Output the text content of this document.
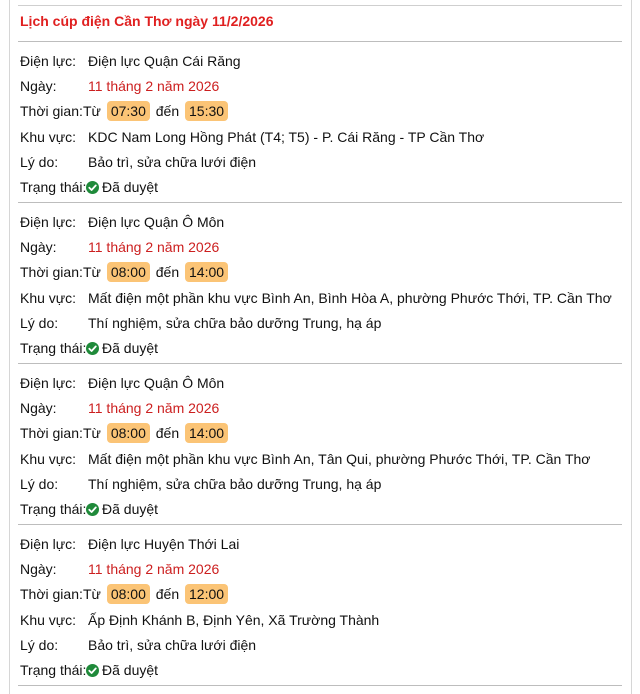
Lịch cúp điện Cần Thơ ngày 11/2/2026
Điện lực: Điện lực Quận Cái Răng
Ngày: 11 tháng 2 năm 2026
Thời gian: Từ 07:30 đến 15:30
Khu vực: KDC Nam Long Hồng Phát (T4; T5) - P. Cái Răng - TP Cần Thơ
Lý do: Bảo trì, sửa chữa lưới điện
Trạng thái:	Đã duyệt
Điện lực: Điện lực Quận Ô Môn
Ngày: 11 tháng 2 năm 2026
Thời gian: Từ 08:00 đến 14:00
Khu vực: Mất điện một phần khu vực Bình An, Bình Hòa A, phường Phước Thới, TP. Cần Thơ
Lý do: Thí nghiệm, sửa chữa bảo dưỡng Trung, hạ áp
Trạng thái:	Đã duyệt
Điện lực: Điện lực Quận Ô Môn
Ngày: 11 tháng 2 năm 2026
Thời gian: Từ 08:00 đến 14:00
Khu vực: Mất điện một phần khu vực Bình An, Tân Qui, phường Phước Thới, TP. Cần Thơ
Lý do: Thí nghiệm, sửa chữa bảo dưỡng Trung, hạ áp
Trạng thái:	Đã duyệt
Điện lực: Điện lực Huyện Thới Lai
Ngày: 11 tháng 2 năm 2026
Thời gian: Từ 08:00 đến 12:00
Khu vực: Ấp Định Khánh B, Định Yên, Xã Trường Thành
Lý do: Bảo trì, sửa chữa lưới điện
Trạng thái:	Đã duyệt
